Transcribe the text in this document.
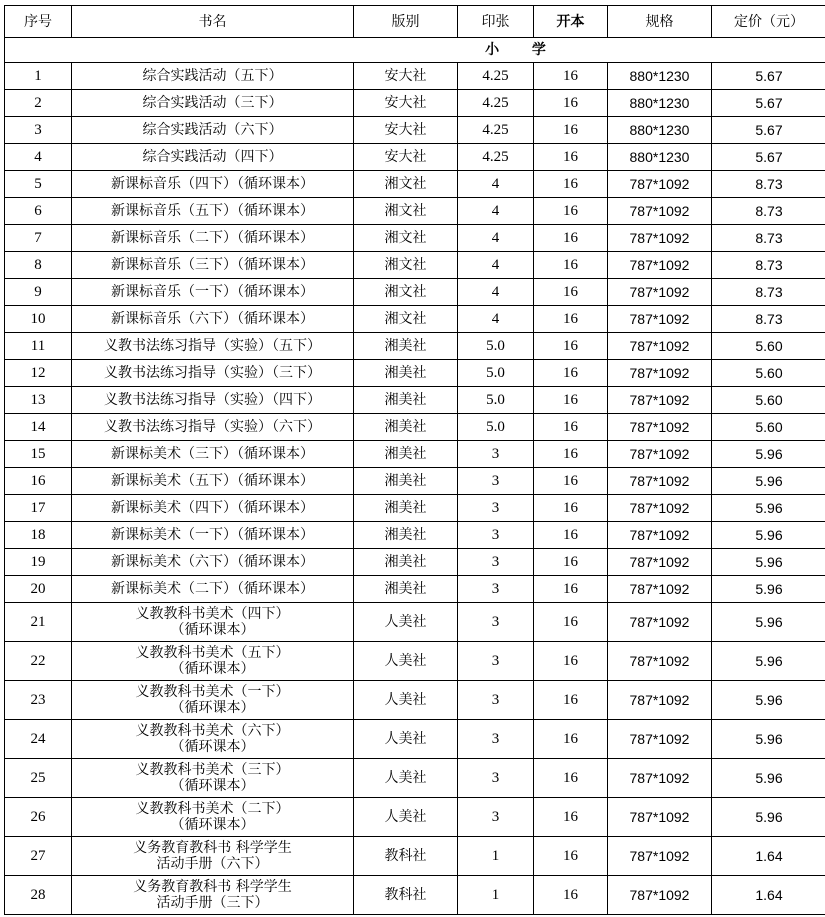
序号	书名	版别	印张	开本	规格	定价（元）
小 学						
1	综合实践活动（五下）	安大社	4.25	16	880*1230	5.67
2	综合实践活动（三下）	安大社	4.25	16	880*1230	5.67
3	综合实践活动（六下）	安大社	4.25	16	880*1230	5.67
4	综合实践活动（四下）	安大社	4.25	16	880*1230	5.67
5	新课标音乐（四下）（循环课本）	湘文社	4	16	787*1092	8.73
6	新课标音乐（五下）（循环课本）	湘文社	4	16	787*1092	8.73
7	新课标音乐（二下）（循环课本）	湘文社	4	16	787*1092	8.73
8	新课标音乐（三下）（循环课本）	湘文社	4	16	787*1092	8.73
9	新课标音乐（一下）（循环课本）	湘文社	4	16	787*1092	8.73
10	新课标音乐（六下）（循环课本）	湘文社	4	16	787*1092	8.73
11	义教书法练习指导（实验）（五下）	湘美社	5.0	16	787*1092	5.60
12	义教书法练习指导（实验）（三下）	湘美社	5.0	16	787*1092	5.60
13	义教书法练习指导（实验）（四下）	湘美社	5.0	16	787*1092	5.60
14	义教书法练习指导（实验）（六下）	湘美社	5.0	16	787*1092	5.60
15	新课标美术（三下）（循环课本）	湘美社	3	16	787*1092	5.96
16	新课标美术（五下）（循环课本）	湘美社	3	16	787*1092	5.96
17	新课标美术（四下）（循环课本）	湘美社	3	16	787*1092	5.96
18	新课标美术（一下）（循环课本）	湘美社	3	16	787*1092	5.96
19	新课标美术（六下）（循环课本）	湘美社	3	16	787*1092	5.96
20	新课标美术（二下）（循环课本）	湘美社	3	16	787*1092	5.96
21	义教教科书美术（四下）
（循环课本）	人美社	3	16	787*1092	5.96
22	义教教科书美术（五下）
（循环课本）	人美社	3	16	787*1092	5.96
23	义教教科书美术（一下）
（循环课本）	人美社	3	16	787*1092	5.96
24	义教教科书美术（六下）
（循环课本）	人美社	3	16	787*1092	5.96
25	义教教科书美术（三下）
（循环课本）	人美社	3	16	787*1092	5.96
26	义教教科书美术（二下）
（循环课本）	人美社	3	16	787*1092	5.96
27	义务教育教科书 科学学生
活动手册（六下）	教科社	1	16	787*1092	1.64
28	义务教育教科书 科学学生
活动手册（三下）	教科社	1	16	787*1092	1.64
